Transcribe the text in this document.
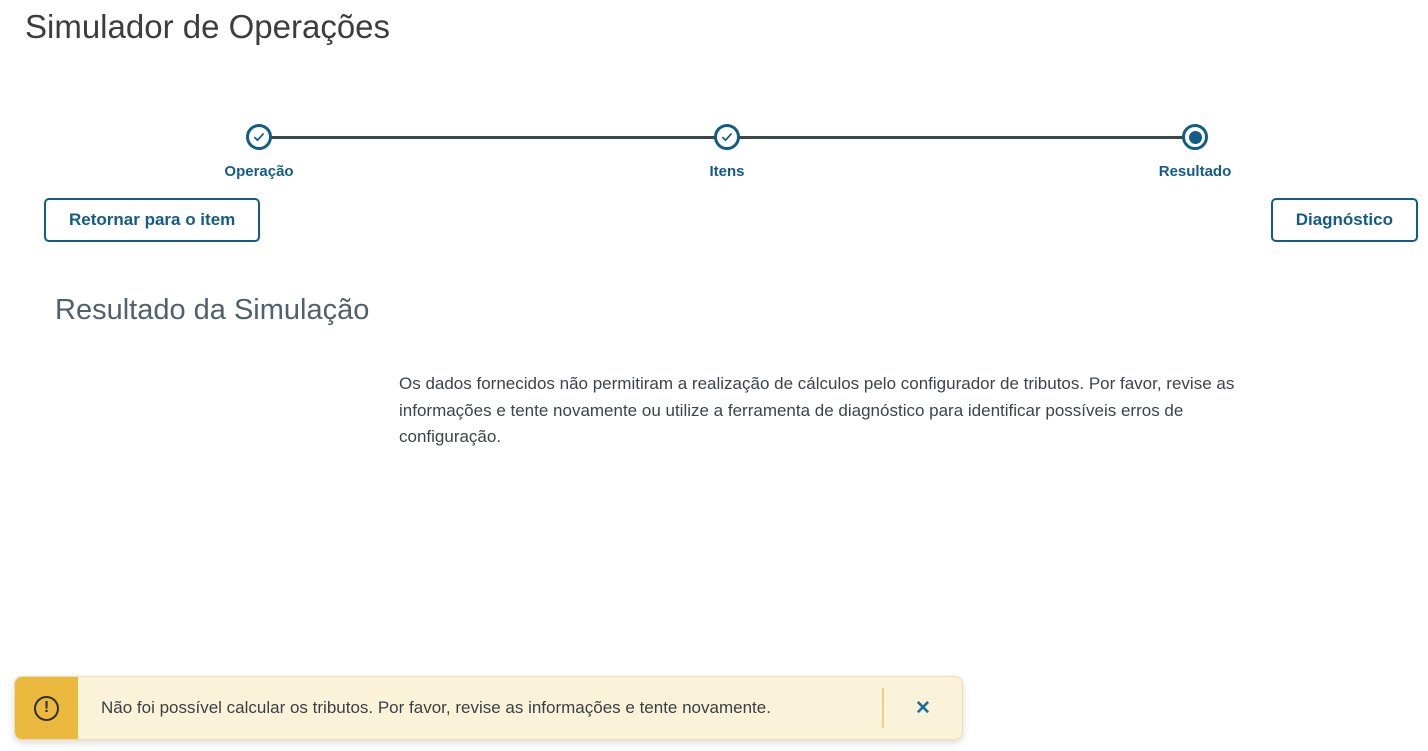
Simulador de Operações
Operação	Itens	Resultado
Retornar para o item	Diagnóstico
Resultado da Simulação

Os dados fornecidos não permitiram a realização de cálculos pelo configurador de tributos. Por favor, revise as informações e tente novamente ou utilize a ferramenta de diagnóstico para identificar possíveis erros de configuração.

!	Não foi possível calcular os tributos. Por favor, revise as informações e tente novamente.	✕
